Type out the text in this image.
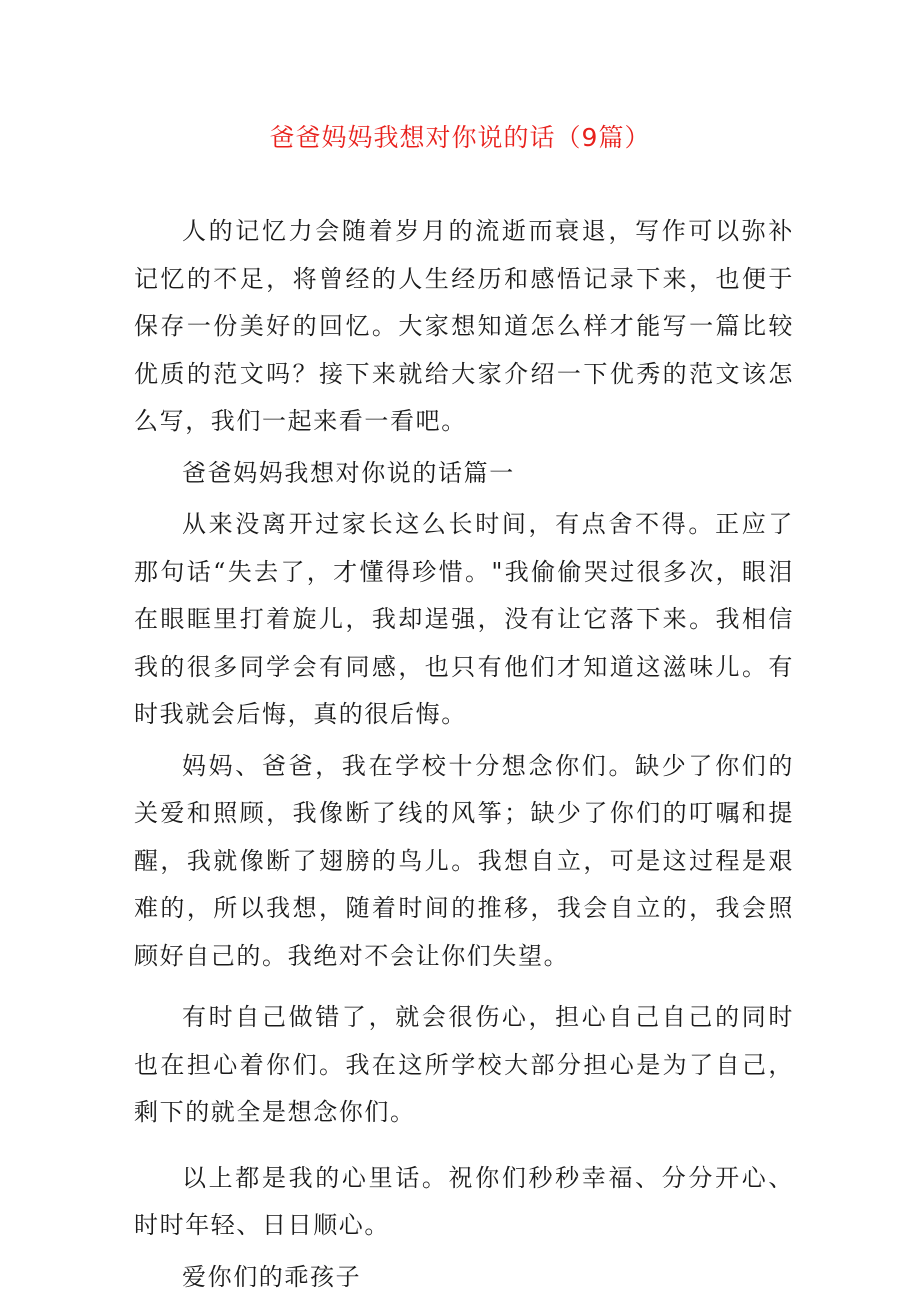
爸爸妈妈我想对你说的话（9篇）

人的记忆力会随着岁月的流逝而衰退，写作可以弥补记忆的不足，将曾经的人生经历和感悟记录下来，也便于保存一份美好的回忆。大家想知道怎么样才能写一篇比较优质的范文吗？接下来就给大家介绍一下优秀的范文该怎么写，我们一起来看一看吧。

爸爸妈妈我想对你说的话篇一

从来没离开过家长这么长时间，有点舍不得。正应了那句话“失去了，才懂得珍惜。"我偷偷哭过很多次，眼泪在眼眶里打着旋儿，我却逞强，没有让它落下来。我相信我的很多同学会有同感，也只有他们才知道这滋味儿。有时我就会后悔，真的很后悔。

妈妈、爸爸，我在学校十分想念你们。缺少了你们的关爱和照顾，我像断了线的风筝；缺少了你们的叮嘱和提醒，我就像断了翅膀的鸟儿。我想自立，可是这过程是艰难的，所以我想，随着时间的推移，我会自立的，我会照顾好自己的。我绝对不会让你们失望。

有时自己做错了，就会很伤心，担心自己自己的同时也在担心着你们。我在这所学校大部分担心是为了自己，剩下的就全是想念你们。

以上都是我的心里话。祝你们秒秒幸福、分分开心、时时年轻、日日顺心。

爱你们的乖孩子
